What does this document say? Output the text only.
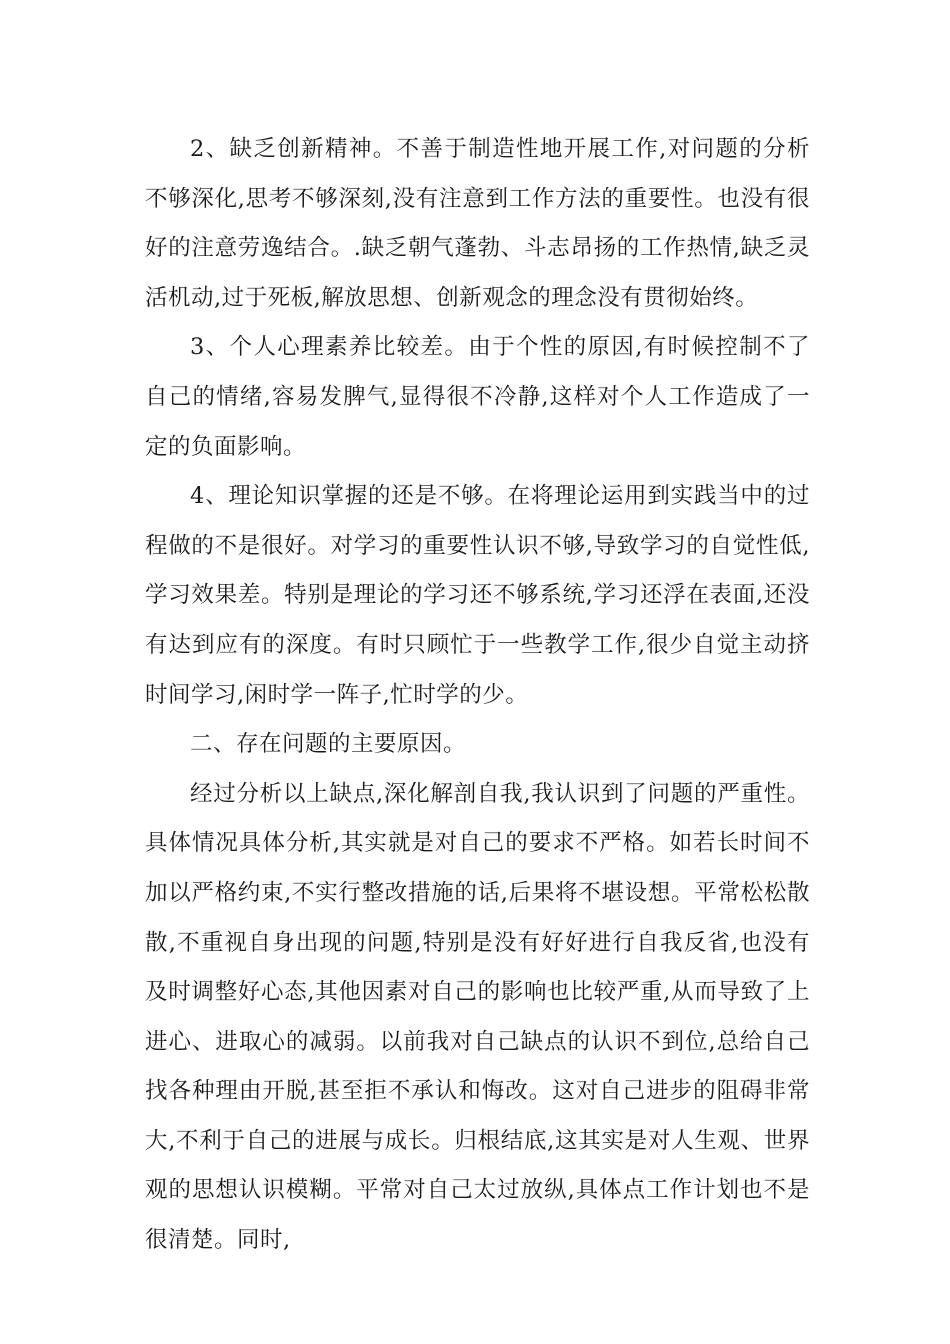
2、缺乏创新精神。不善于制造性地开展工作,对问题的分析不够深化,思考不够深刻,没有注意到工作方法的重要性。也没有很好的注意劳逸结合。.缺乏朝气蓬勃、斗志昂扬的工作热情,缺乏灵活机动,过于死板,解放思想、创新观念的理念没有贯彻始终。

3、个人心理素养比较差。由于个性的原因,有时候控制不了自己的情绪,容易发脾气,显得很不冷静,这样对个人工作造成了一定的负面影响。

4、理论知识掌握的还是不够。在将理论运用到实践当中的过程做的不是很好。对学习的重要性认识不够,导致学习的自觉性低,学习效果差。特别是理论的学习还不够系统,学习还浮在表面,还没有达到应有的深度。有时只顾忙于一些教学工作,很少自觉主动挤时间学习,闲时学一阵子,忙时学的少。

二、存在问题的主要原因。

经过分析以上缺点,深化解剖自我,我认识到了问题的严重性。具体情况具体分析,其实就是对自己的要求不严格。如若长时间不加以严格约束,不实行整改措施的话,后果将不堪设想。平常松松散散,不重视自身出现的问题,特别是没有好好进行自我反省,也没有及时调整好心态,其他因素对自己的影响也比较严重,从而导致了上进心、进取心的减弱。以前我对自己缺点的认识不到位,总给自己找各种理由开脱,甚至拒不承认和悔改。这对自己进步的阻碍非常大,不利于自己的进展与成长。归根结底,这其实是对人生观、世界观的思想认识模糊。平常对自己太过放纵,具体点工作计划也不是很清楚。同时,
